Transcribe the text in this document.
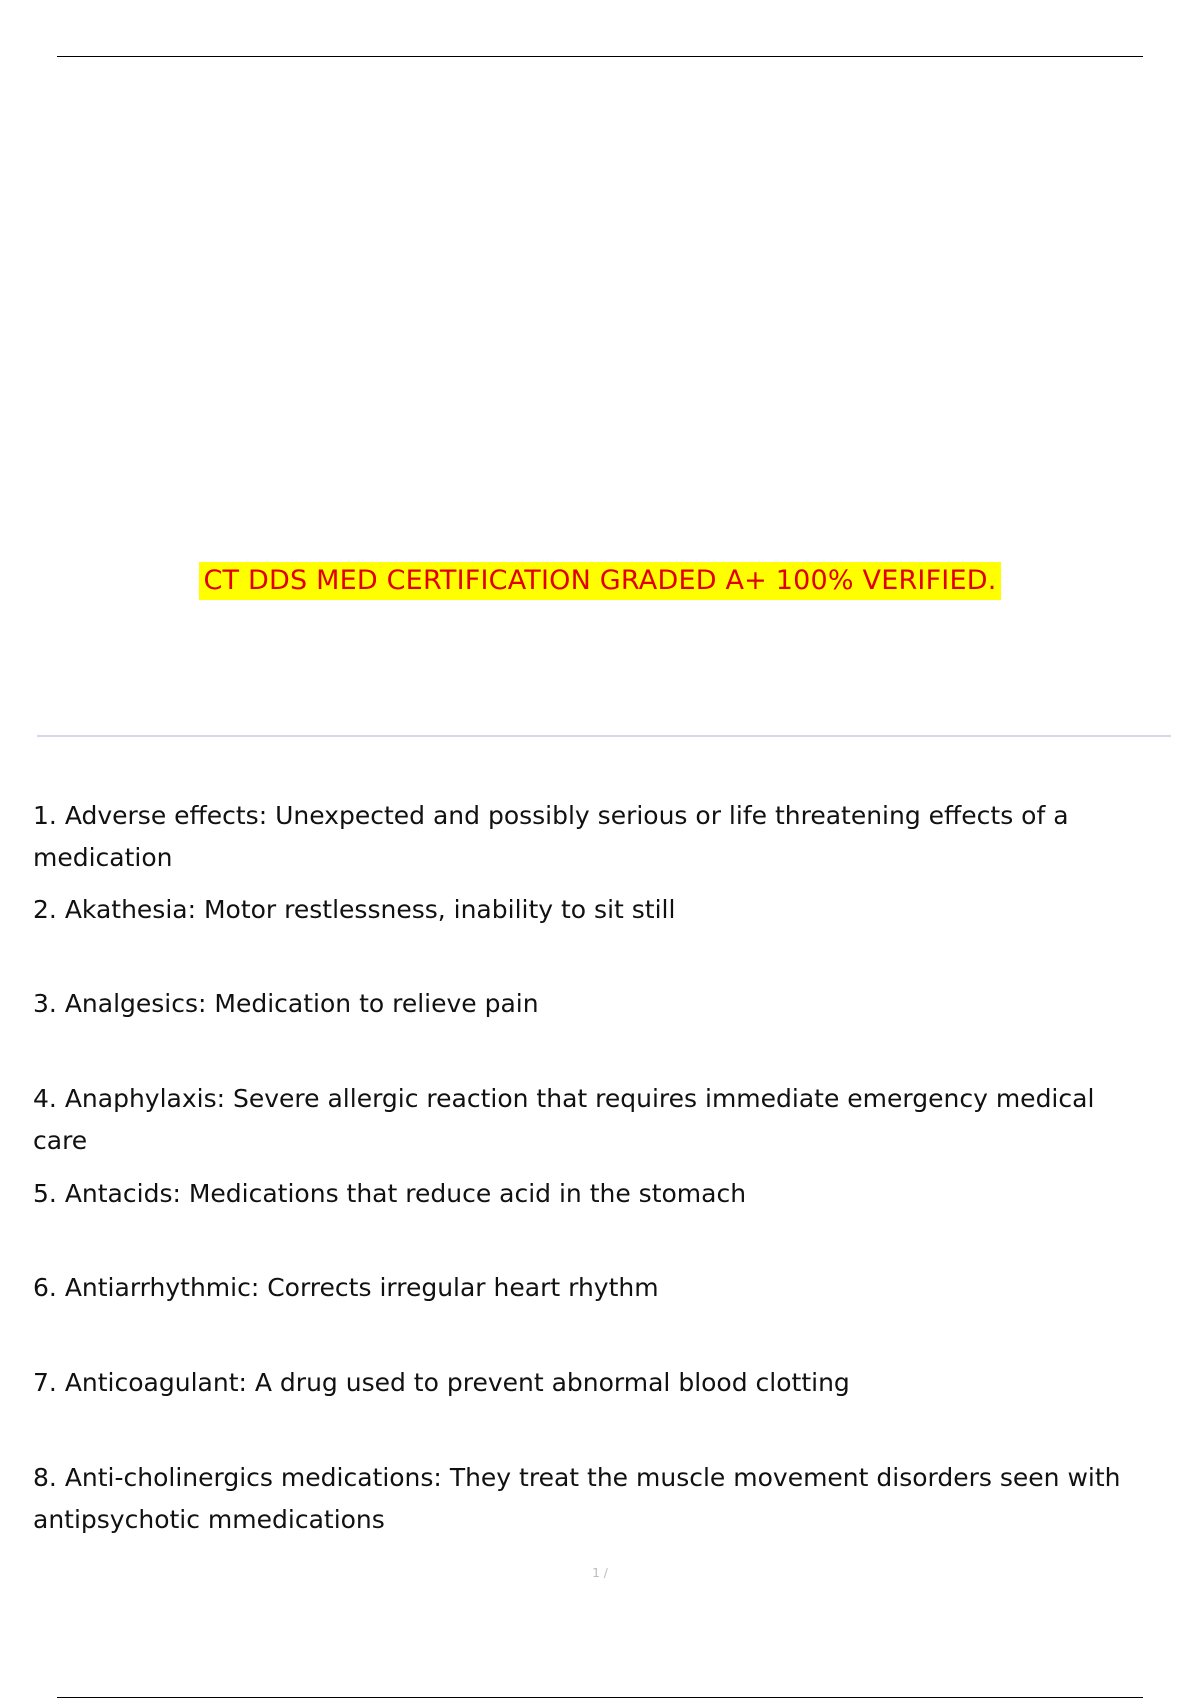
CT DDS MED CERTIFICATION GRADED A+ 100% VERIFIED.
1. Adverse effects: Unexpected and possibly serious or life threatening effects of a medication
2. Akathesia: Motor restlessness, inability to sit still
3. Analgesics: Medication to relieve pain
4. Anaphylaxis: Severe allergic reaction that requires immediate emergency medical care
5. Antacids: Medications that reduce acid in the stomach
6. Antiarrhythmic: Corrects irregular heart rhythm
7. Anticoagulant: A drug used to prevent abnormal blood clotting
8. Anti-cholinergics medications: They treat the muscle movement disorders seen with antipsychotic mmedications
1 /
